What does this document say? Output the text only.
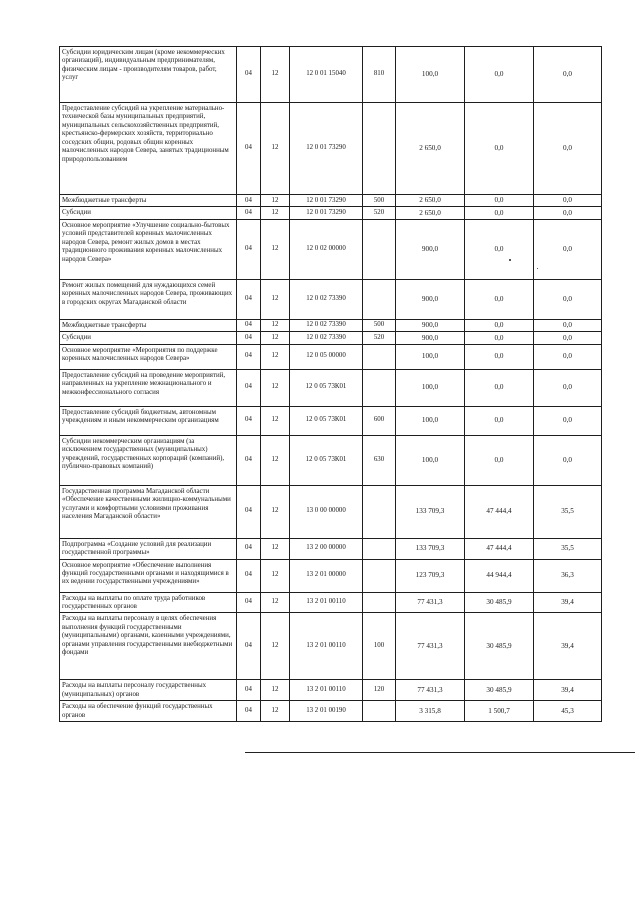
Субсидии юридическим лицам (кроме некоммерческих организаций), индивидуальным предпринимателям, физическим лицам - производителям товаров, работ, услуг	04	12	12 0 01 15040	810	100,0	0,0	0,0
Предоставление субсидий на укрепление материально-технической базы муниципальных предприятий, муниципальных сельскохозяйственных предприятий, крестьянско-фермерских хозяйств, территориально соседских общин, родовых общин коренных малочисленных народов Севера, занятых традиционным природопользованием	04	12	12 0 01 73290		2 650,0	0,0	0,0
Межбюджетные трансферты	04	12	12 0 01 73290	500	2 650,0	0,0	0,0
Субсидии	04	12	12 0 01 73290	520	2 650,0	0,0	0,0
Основное мероприятие «Улучшение социально-бытовых условий представителей коренных малочисленных народов Севера, ремонт жилых домов в местах традиционного проживания коренных малочисленных народов Севера»	04	12	12 0 02 00000		900,0	0,0	0,0
Ремонт жилых помещений для нуждающихся семей коренных малочисленных народов Севера, проживающих в городских округах Магаданской области	04	12	12 0 02 73390		900,0	0,0	0,0
Межбюджетные трансферты	04	12	12 0 02 73390	500	900,0	0,0	0,0
Субсидии	04	12	12 0 02 73390	520	900,0	0,0	0,0
Основное мероприятие «Мероприятия по поддержке коренных малочисленных народов Севера»	04	12	12 0 05 00000		100,0	0,0	0,0
Предоставление субсидий на проведение мероприятий, направленных на укрепление межнационального и межконфессионального согласия	04	12	12 0 05 73К01		100,0	0,0	0,0
Предоставление субсидий бюджетным, автономным учреждениям и иным некоммерческим организациям	04	12	12 0 05 73К01	600	100,0	0,0	0,0
Субсидии некоммерческим организациям (за исключением государственных (муниципальных) учреждений, государственных корпораций (компаний), публично-правовых компаний)	04	12	12 0 05 73К01	630	100,0	0,0	0,0
Государственная программа Магаданской области «Обеспечение качественными жилищно-коммунальными услугами и комфортными условиями проживания населения Магаданской области»	04	12	13 0 00 00000		133 709,3	47 444,4	35,5
Подпрограмма «Создание условий для реализации государственной программы»	04	12	13 2 00 00000		133 709,3	47 444,4	35,5
Основное мероприятие «Обеспечение выполнения функций государственными органами и находящимися в их ведении государственными учреждениями»	04	12	13 2 01 00000		123 709,3	44 944,4	36,3
Расходы на выплаты по оплате труда работников государственных органов	04	12	13 2 01 00110		77 431,3	30 485,9	39,4
Расходы на выплаты персоналу в целях обеспечения выполнения функций государственными (муниципальными) органами, казенными учреждениями, органами управления государственными внебюджетными фондами	04	12	13 2 01 00110	100	77 431,3	30 485,9	39,4
Расходы на выплаты персоналу государственных (муниципальных) органов	04	12	13 2 01 00110	120	77 431,3	30 485,9	39,4
Расходы на обеспечение функций государственных органов	04	12	13 2 01 00190		3 315,8	1 500,7	45,3
